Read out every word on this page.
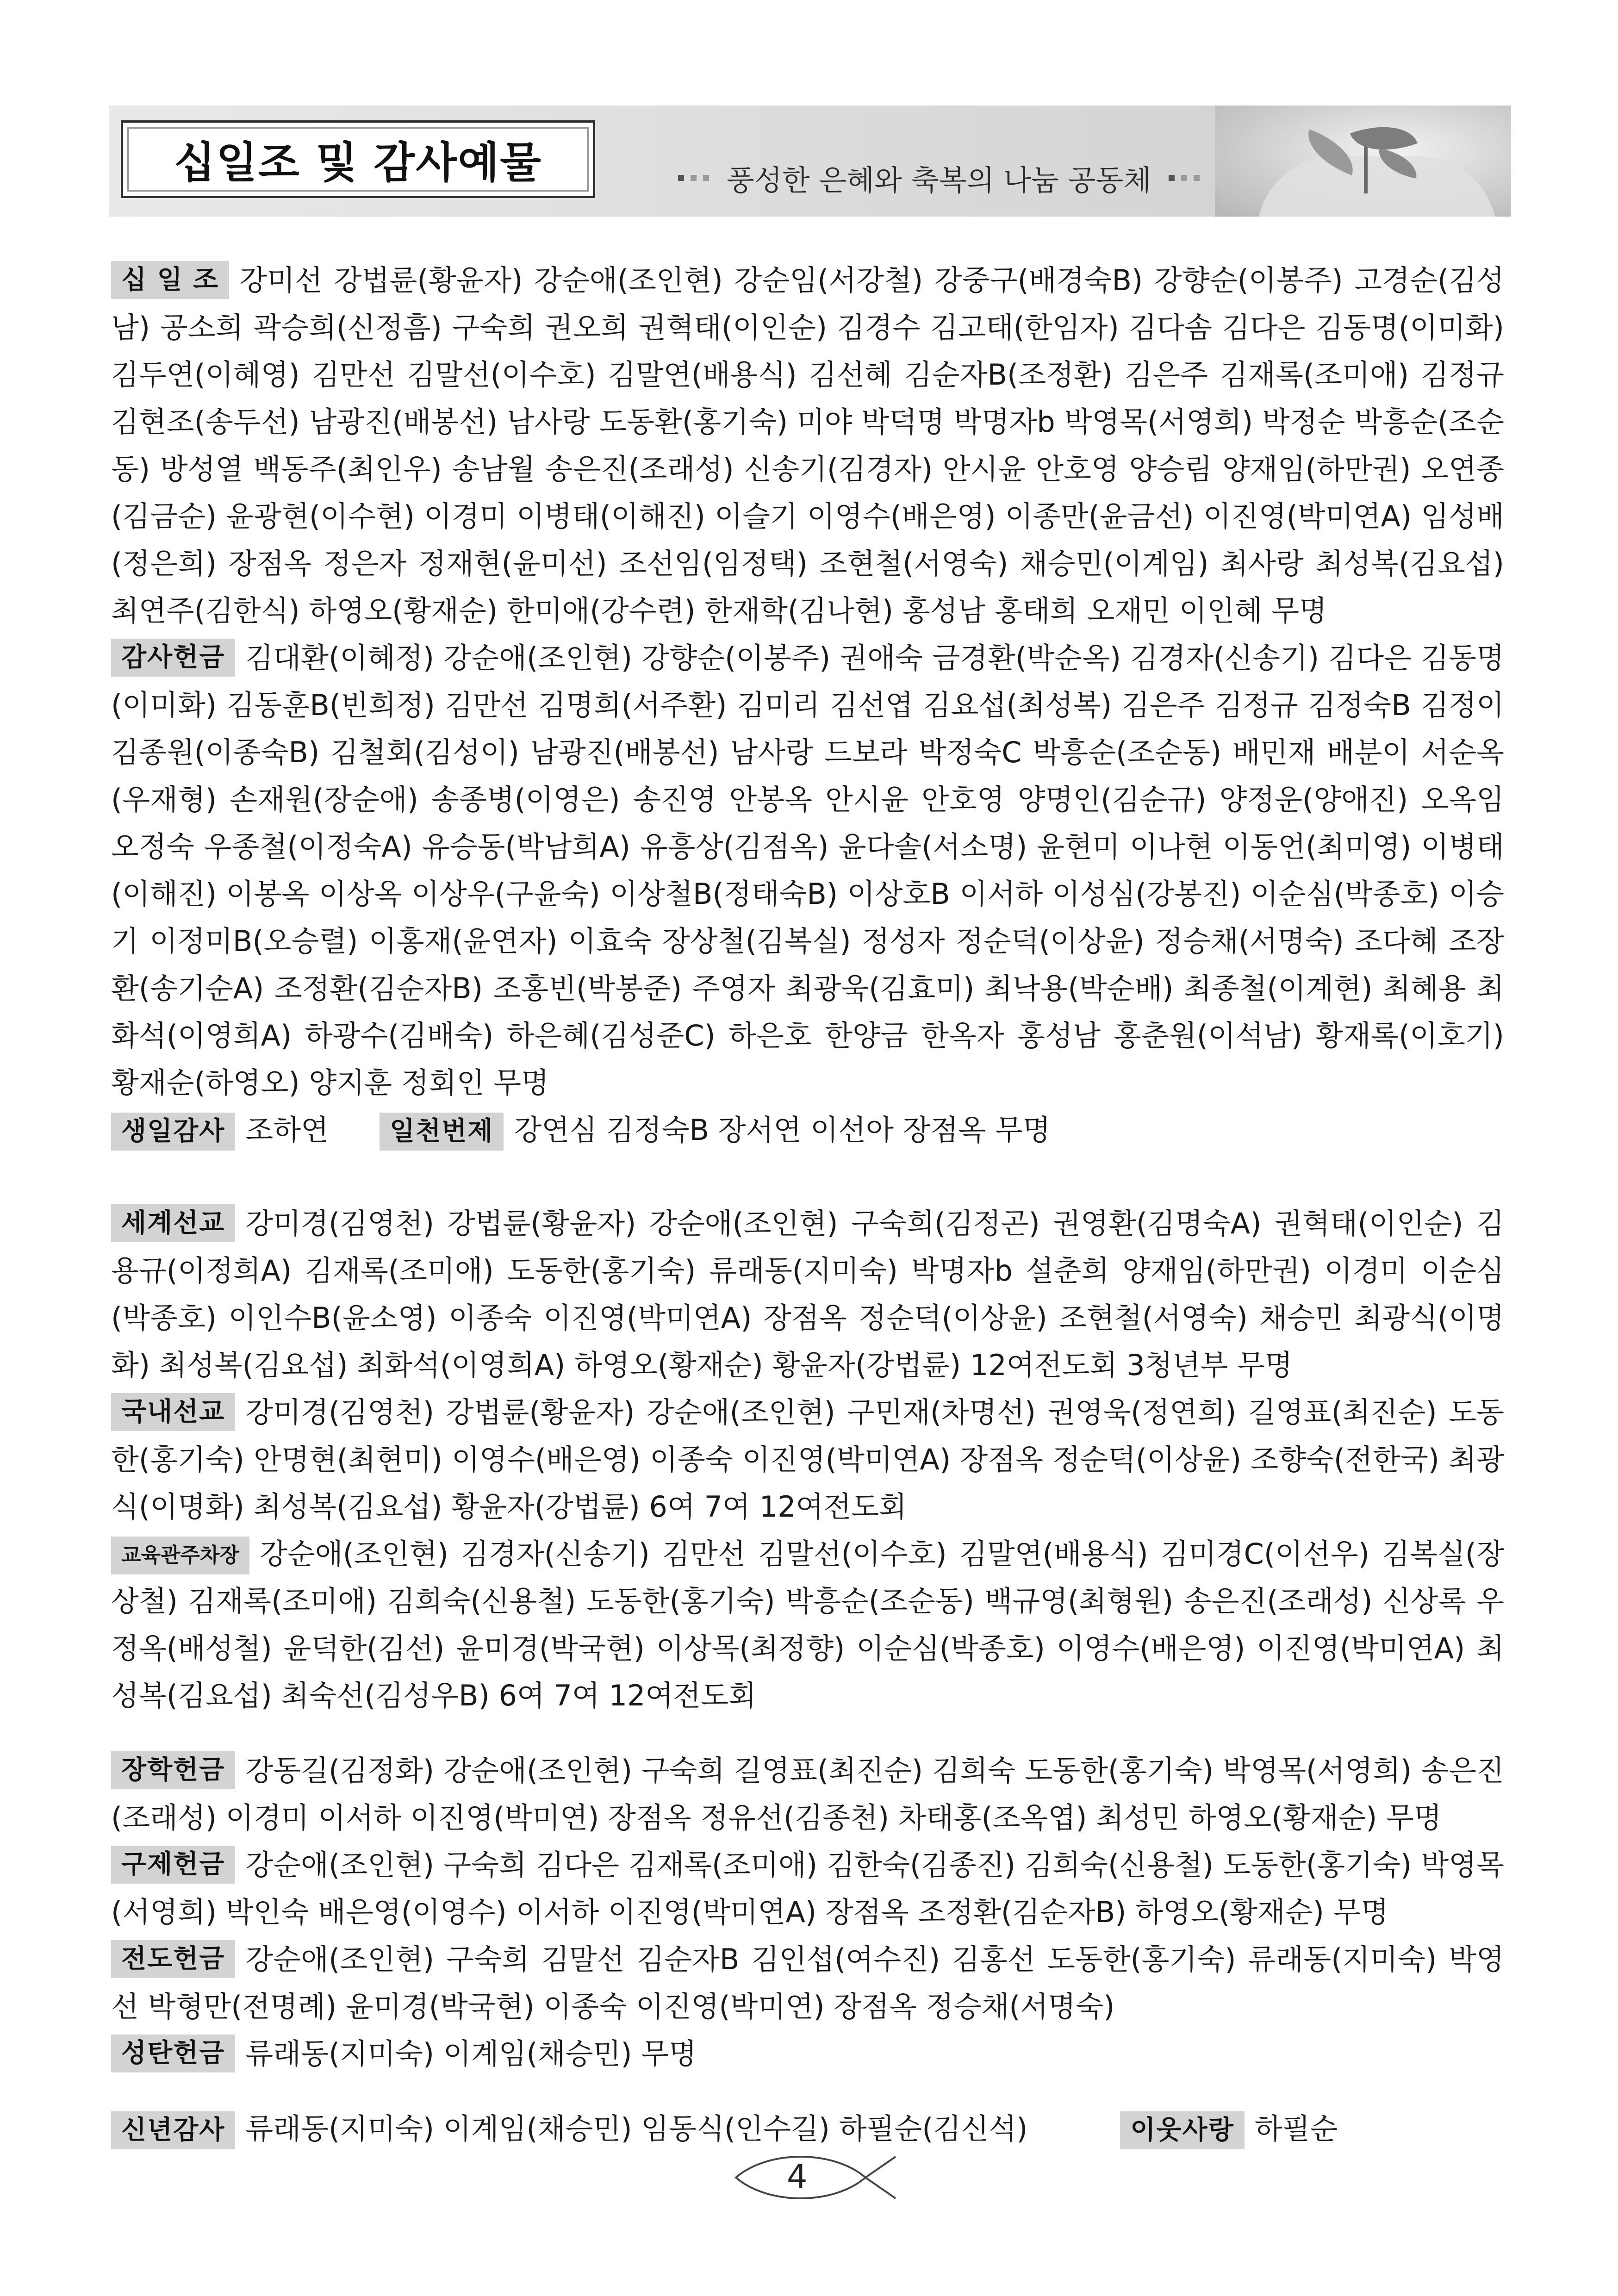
십일조 및 감사예물	풍성한 은혜와 축복의 나눔 공동체
십 일 조 강미선 강법륜(황윤자) 강순애(조인현) 강순임(서강철) 강중구(배경숙B) 강향순(이봉주) 고경순(김성남) 공소희 곽승희(신정흠) 구숙희 권오희 권혁태(이인순) 김경수 김고태(한임자) 김다솜 김다은 김동명(이미화) 김두연(이혜영) 김만선 김말선(이수호) 김말연(배용식) 김선혜 김순자B(조정환) 김은주 김재록(조미애) 김정규 김현조(송두선) 남광진(배봉선) 남사랑 도동환(홍기숙) 미야 박덕명 박명자b 박영목(서영희) 박정순 박흥순(조순동) 방성열 백동주(최인우) 송남월 송은진(조래성) 신송기(김경자) 안시윤 안호영 양승림 양재임(하만권) 오연종(김금순) 윤광현(이수현) 이경미 이병태(이해진) 이슬기 이영수(배은영) 이종만(윤금선) 이진영(박미연A) 임성배(정은희) 장점옥 정은자 정재현(윤미선) 조선임(임정택) 조현철(서영숙) 채승민(이계임) 최사랑 최성복(김요섭) 최연주(김한식) 하영오(황재순) 한미애(강수련) 한재학(김나현) 홍성남 홍태희 오재민 이인혜 무명
감사헌금 김대환(이혜정) 강순애(조인현) 강향순(이봉주) 권애숙 금경환(박순옥) 김경자(신송기) 김다은 김동명(이미화) 김동훈B(빈희정) 김만선 김명희(서주환) 김미리 김선엽 김요섭(최성복) 김은주 김정규 김정숙B 김정이 김종원(이종숙B) 김철회(김성이) 남광진(배봉선) 남사랑 드보라 박정숙C 박흥순(조순동) 배민재 배분이 서순옥(우재형) 손재원(장순애) 송종병(이영은) 송진영 안봉옥 안시윤 안호영 양명인(김순규) 양정운(양애진) 오옥임 오정숙 우종철(이정숙A) 유승동(박남희A) 유흥상(김점옥) 윤다솔(서소명) 윤현미 이나현 이동언(최미영) 이병태(이해진) 이봉옥 이상옥 이상우(구윤숙) 이상철B(정태숙B) 이상호B 이서하 이성심(강봉진) 이순심(박종호) 이승기 이정미B(오승렬) 이홍재(윤연자) 이효숙 장상철(김복실) 정성자 정순덕(이상윤) 정승채(서명숙) 조다혜 조장환(송기순A) 조정환(김순자B) 조홍빈(박봉준) 주영자 최광욱(김효미) 최낙용(박순배) 최종철(이계현) 최혜용 최화석(이영희A) 하광수(김배숙) 하은혜(김성준C) 하은호 한양금 한옥자 홍성남 홍춘원(이석남) 황재록(이호기) 황재순(하영오) 양지훈 정회인 무명
생일감사 조하연	일천번제 강연심 김정숙B 장서연 이선아 장점옥 무명
세계선교 강미경(김영천) 강법륜(황윤자) 강순애(조인현) 구숙희(김정곤) 권영환(김명숙A) 권혁태(이인순) 김용규(이정희A) 김재록(조미애) 도동한(홍기숙) 류래동(지미숙) 박명자b 설춘희 양재임(하만권) 이경미 이순심(박종호) 이인수B(윤소영) 이종숙 이진영(박미연A) 장점옥 정순덕(이상윤) 조현철(서영숙) 채승민 최광식(이명화) 최성복(김요섭) 최화석(이영희A) 하영오(황재순) 황윤자(강법륜) 12여전도회 3청년부 무명
국내선교 강미경(김영천) 강법륜(황윤자) 강순애(조인현) 구민재(차명선) 권영욱(정연희) 길영표(최진순) 도동한(홍기숙) 안명현(최현미) 이영수(배은영) 이종숙 이진영(박미연A) 장점옥 정순덕(이상윤) 조향숙(전한국) 최광식(이명화) 최성복(김요섭) 황윤자(강법륜) 6여 7여 12여전도회
교육관주차장 강순애(조인현) 김경자(신송기) 김만선 김말선(이수호) 김말연(배용식) 김미경C(이선우) 김복실(장상철) 김재록(조미애) 김희숙(신용철) 도동한(홍기숙) 박흥순(조순동) 백규영(최형원) 송은진(조래성) 신상록 우정옥(배성철) 윤덕한(김선) 윤미경(박국현) 이상목(최정향) 이순심(박종호) 이영수(배은영) 이진영(박미연A) 최성복(김요섭) 최숙선(김성우B) 6여 7여 12여전도회
장학헌금 강동길(김정화) 강순애(조인현) 구숙희 길영표(최진순) 김희숙 도동한(홍기숙) 박영목(서영희) 송은진(조래성) 이경미 이서하 이진영(박미연) 장점옥 정유선(김종천) 차태홍(조옥엽) 최성민 하영오(황재순) 무명
구제헌금 강순애(조인현) 구숙희 김다은 김재록(조미애) 김한숙(김종진) 김희숙(신용철) 도동한(홍기숙) 박영목(서영희) 박인숙 배은영(이영수) 이서하 이진영(박미연A) 장점옥 조정환(김순자B) 하영오(황재순) 무명
전도헌금 강순애(조인현) 구숙희 김말선 김순자B 김인섭(여수진) 김홍선 도동한(홍기숙) 류래동(지미숙) 박영선 박형만(전명례) 윤미경(박국현) 이종숙 이진영(박미연) 장점옥 정승채(서명숙)
성탄헌금 류래동(지미숙) 이계임(채승민) 무명
신년감사 류래동(지미숙) 이계임(채승민) 임동식(인수길) 하필순(김신석)	이웃사랑 하필순
4
